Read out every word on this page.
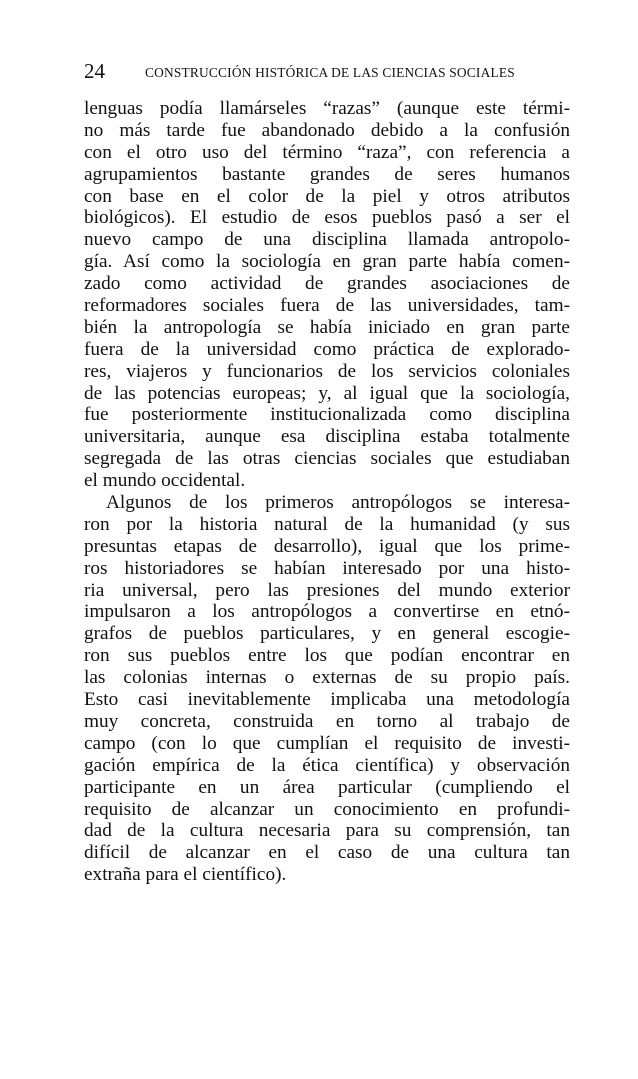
24	CONSTRUCCIÓN HISTÓRICA DE LAS CIENCIAS SOCIALES
lenguas podía llamárseles “razas” (aunque este térmi-
no más tarde fue abandonado debido a la confusión
con el otro uso del término “raza”, con referencia a
agrupamientos bastante grandes de seres humanos
con base en el color de la piel y otros atributos
biológicos). El estudio de esos pueblos pasó a ser el
nuevo campo de una disciplina llamada antropolo-
gía. Así como la sociología en gran parte había comen-
zado como actividad de grandes asociaciones de
reformadores sociales fuera de las universidades, tam-
bién la antropología se había iniciado en gran parte
fuera de la universidad como práctica de explorado-
res, viajeros y funcionarios de los servicios coloniales
de las potencias europeas; y, al igual que la sociología,
fue posteriormente institucionalizada como disciplina
universitaria, aunque esa disciplina estaba totalmente
segregada de las otras ciencias sociales que estudiaban
el mundo occidental.
Algunos de los primeros antropólogos se interesa-
ron por la historia natural de la humanidad (y sus
presuntas etapas de desarrollo), igual que los prime-
ros historiadores se habían interesado por una histo-
ria universal, pero las presiones del mundo exterior
impulsaron a los antropólogos a convertirse en etnó-
grafos de pueblos particulares, y en general escogie-
ron sus pueblos entre los que podían encontrar en
las colonias internas o externas de su propio país.
Esto casi inevitablemente implicaba una metodología
muy concreta, construida en torno al trabajo de
campo (con lo que cumplían el requisito de investi-
gación empírica de la ética científica) y observación
participante en un área particular (cumpliendo el
requisito de alcanzar un conocimiento en profundi-
dad de la cultura necesaria para su comprensión, tan
difícil de alcanzar en el caso de una cultura tan
extraña para el científico).
